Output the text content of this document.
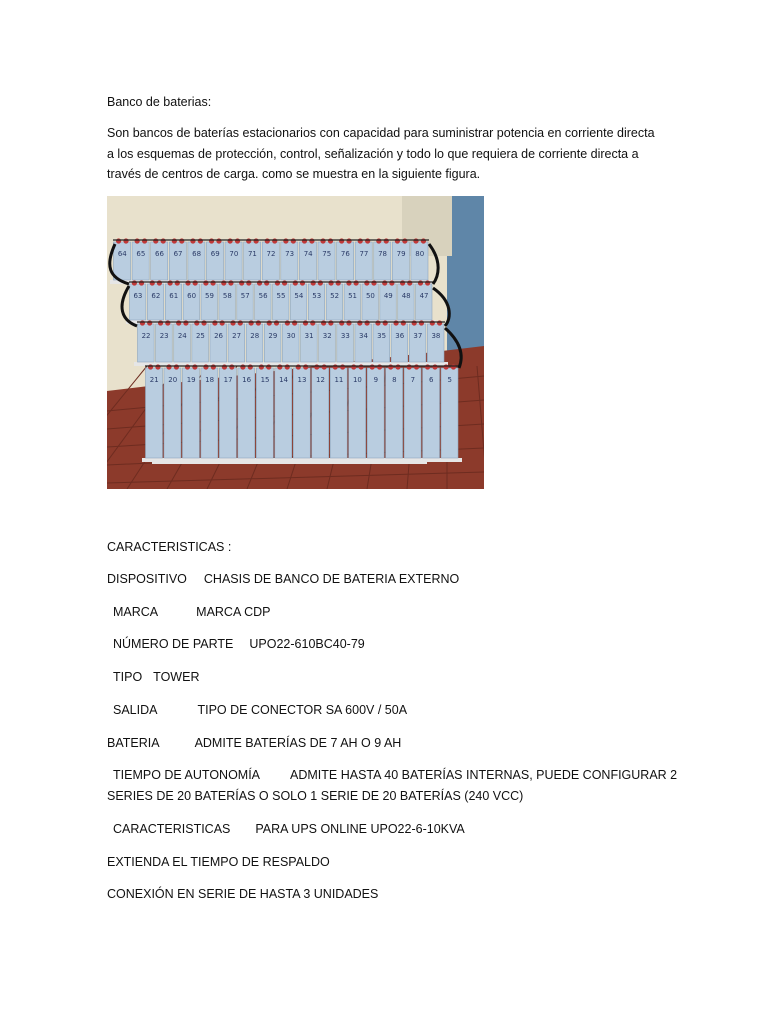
Banco de baterias:
Son bancos de baterías estacionarios con capacidad para suministrar potencia en corriente directa
a los esquemas de protección, control, señalización y todo lo que requiera de corriente directa a
través de centros de carga. como se muestra en la siguiente figura.
64 65 66 67 68 69 70 71 72 73 74 75 76 77 78 79 80
63 62 61 60 59 58 57 56 55 54 53 52 51 50 49 48 47
22 23 24 25 26 27 28 29 30 31 32 33 34 35 36 37 38
21 20 19 18 17 16 15 14 13 12 11 10 9 8 7 6 5
CARACTERISTICAS :
DISPOSITIVO CHASIS DE BANCO DE BATERIA EXTERNO
MARCA	MARCA CDP
NÚMERO DE PARTE UPO22-610BC40-79
TIPO TOWER
SALIDA	TIPO DE CONECTOR SA 600V / 50A
BATERIA	ADMITE BATERÍAS DE 7 AH O 9 AH
TIEMPO DE AUTONOMÍA ADMITE HASTA 40 BATERÍAS INTERNAS, PUEDE CONFIGURAR 2
SERIES DE 20 BATERÍAS O SOLO 1 SERIE DE 20 BATERÍAS (240 VCC)
CARACTERISTICAS PARA UPS ONLINE UPO22-6-10KVA
EXTIENDA EL TIEMPO DE RESPALDO
CONEXIÓN EN SERIE DE HASTA 3 UNIDADES
